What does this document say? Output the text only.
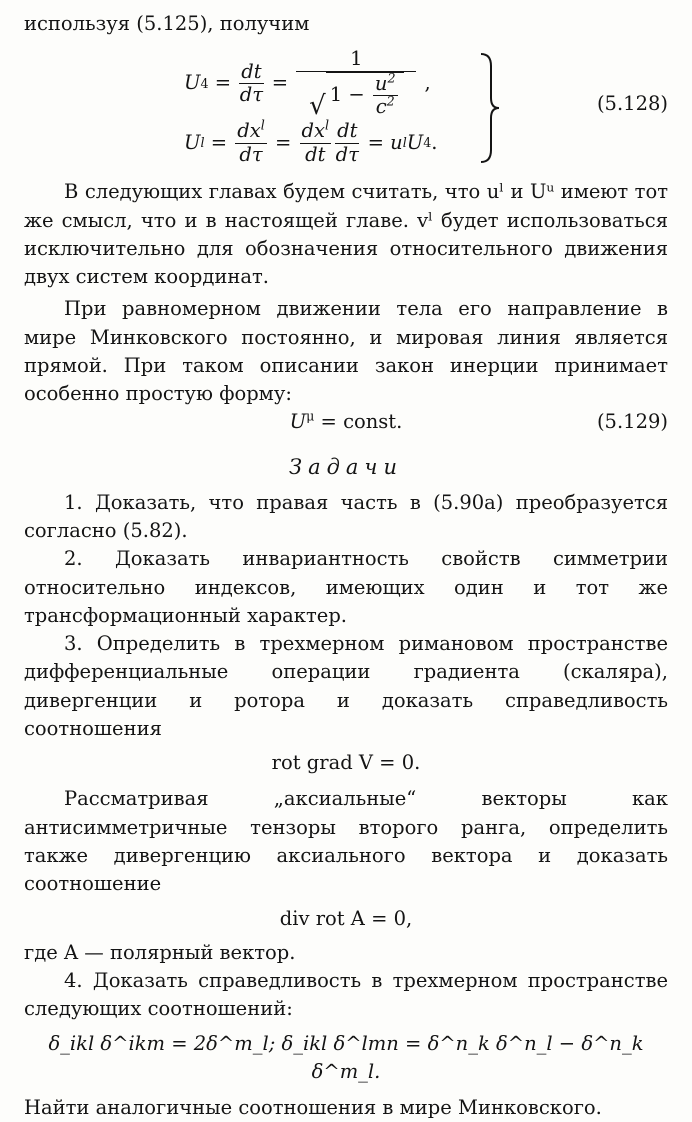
используя (5.125), получим

U $4 = \frac{dt}{d\tau} = 1$
√ 1 −
$\frac{u^2}{c^2}$ ,
(5.128)
U $l = \frac{dx^l}{d\tau} = \frac{dx^l}{dt} \frac{dt}{d\tau} = u$ l U 4 .

В следующих главах будем считать, что uˡ и Uᵘ имеют тот же смысл, что и в настоящей главе. vˡ будет использоваться исключительно для обозначения относительного движения двух систем координат.

При равномерном движении тела его направление в мире Минковского постоянно, и мировая линия является прямой. При таком описании закон инерции принимает особенно простую форму:

$U^\mu$ = const.	(5.129)
Задачи

1. Доказать, что правая часть в (5.90а) преобразуется согласно (5.82).

2. Доказать инвариантность свойств симметрии относительно индексов, имеющих один и тот же трансформационный характер.

3. Определить в трехмерном римановом пространстве дифференциальные операции градиента (скаляра), дивергенции и ротора и доказать справедливость соотношения

rot grad V = 0.

Рассматривая „аксиальные“ векторы как антисимметричные тензоры второго ранга, определить также дивергенцию аксиального вектора и доказать соотношение

div rot A = 0,

где A — полярный вектор.

4. Доказать справедливость в трехмерном пространстве следующих соотношений:

δ_ikl δ^ikm = 2δ^m_l; δ_ikl δ^lmn = δ^n_k δ^n_l − δ^n_k δ^m_l.

Найти аналогичные соотношения в мире Минковского.
